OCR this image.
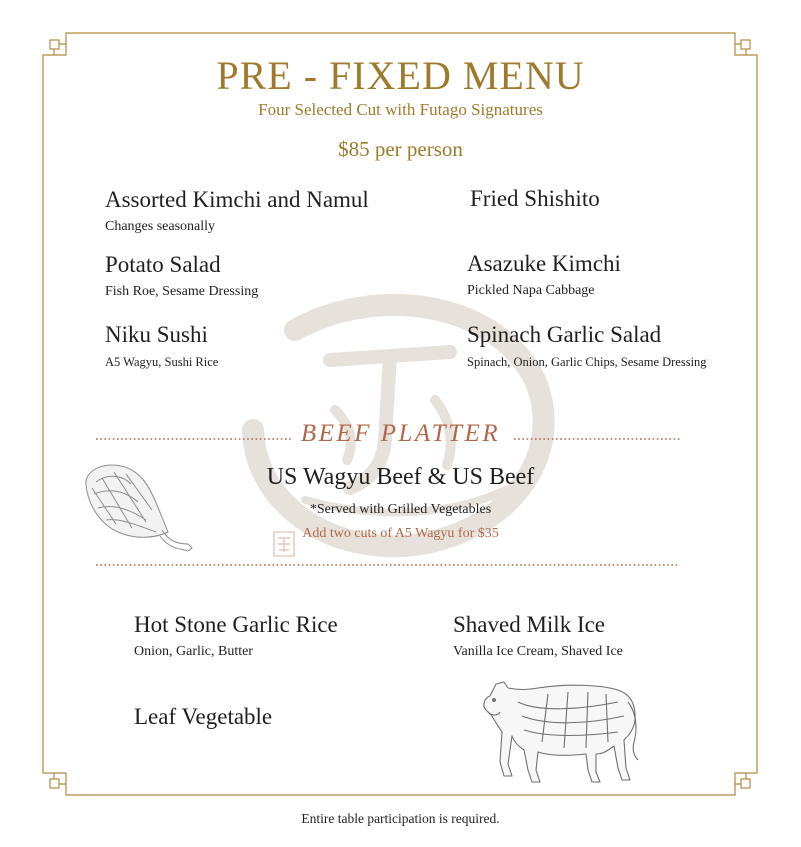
PRE - FIXED MENU
Four Selected Cut with Futago Signatures
$85 per person
Assorted Kimchi and Namul
Changes seasonally
Fried Shishito
Potato Salad
Fish Roe, Sesame Dressing
Asazuke Kimchi
Pickled Napa Cabbage
Niku Sushi
A5 Wagyu, Sushi Rice
Spinach Garlic Salad
Spinach, Onion, Garlic Chips, Sesame Dressing
BEEF PLATTER
US Wagyu Beef & US Beef
*Served with Grilled Vegetables
Add two cuts of A5 Wagyu for $35
Hot Stone Garlic Rice
Onion, Garlic, Butter
Shaved Milk Ice
Vanilla Ice Cream, Shaved Ice
Leaf Vegetable
Entire table participation is required.
